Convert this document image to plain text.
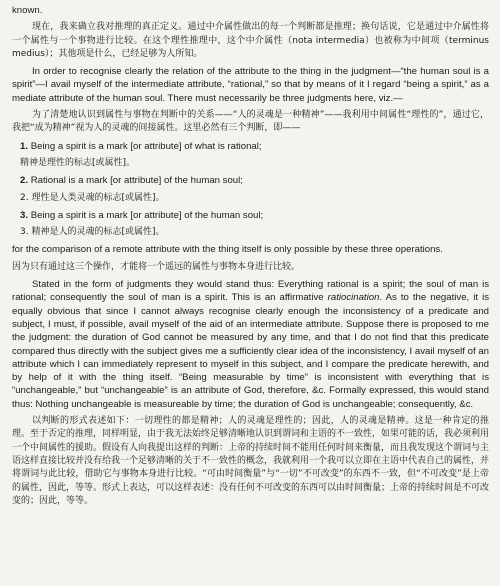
known.

现在，我来确立我对推理的真正定义。通过中介属性做出的每一个判断都是推理；换句话说，它是通过中介属性将一个属性与一个事物进行比较。在这个理性推理中，这个中介属性（nota intermedia）也被称为中间项（terminus medius）；其他项是什么，已经足够为人所知。

In order to recognise clearly the relation of the attribute to the thing in the judgment—“the human soul is a spirit”—I avail myself of the intermediate attribute, “rational,” so that by means of it I regard “being a spirit,” as a mediate attribute of the human soul. There must necessarily be three judgments here, viz.—

为了清楚地认识到属性与事物在判断中的关系——“人的灵魂是一种精神”——我利用中间属性“理性的”，通过它，我把“成为精神”视为人的灵魂的间接属性。这里必然有三个判断，即——

1. Being a spirit is a mark [or attribute] of what is rational;

精神是理性的标志[或属性]。

2. Rational is a mark [or attribute] of the human soul;

2. 理性是人类灵魂的标志[或属性]。

3. Being a spirit is a mark [or attribute] of the human soul;

3. 精神是人的灵魂的标志[或属性]。

for the comparison of a remote attribute with the thing itself is only possible by these three operations.

因为只有通过这三个操作，才能将一个遥远的属性与事物本身进行比较。

Stated in the form of judgments they would stand thus: Everything rational is a spirit; the soul of man is rational; consequently the soul of man is a spirit. This is an affirmative ratiocination. As to the negative, it is equally obvious that since I cannot always recognise clearly enough the inconsistency of a predicate and subject, I must, if possible, avail myself of the aid of an intermediate attribute. Suppose there is proposed to me the judgment: the duration of God cannot be measured by any time, and that I do not find that this predicate compared thus directly with the subject gives me a sufficiently clear idea of the inconsistency, I avail myself of an attribute which I can immediately represent to myself in this subject, and I compare the predicate herewith, and by help of it with the thing itself. “Being measurable by time” is inconsistent with everything that is “unchangeable,” but “unchangeable” is an attribute of God, therefore, &c. Formally expressed, this would stand thus: Nothing unchangeable is measureable by time; the duration of God is unchangeable; consequently, &c.

以判断的形式表述如下：一切理性的都是精神；人的灵魂是理性的；因此，人的灵魂是精神。这是一种肯定的推理。至于否定的推理，同样明显，由于我无法始终足够清晰地认识到谓词和主语的不一致性，如果可能的话，我必须利用一个中间属性的援助。假设有人向我提出这样的判断：上帝的持续时间不能用任何时间来衡量，而且我发现这个谓词与主语这样直接比较并没有给我一个足够清晰的关于不一致性的概念，我就利用一个我可以立即在主语中代表自己的属性，并将谓词与此比较，借助它与事物本身进行比较。“可由时间衡量”与“一切”不可改变”的东西不一致，但“不可改变”是上帝的属性，因此，等等。形式上表达，可以这样表述：没有任何不可改变的东西可以由时间衡量；上帝的持续时间是不可改变的；因此，等等。
